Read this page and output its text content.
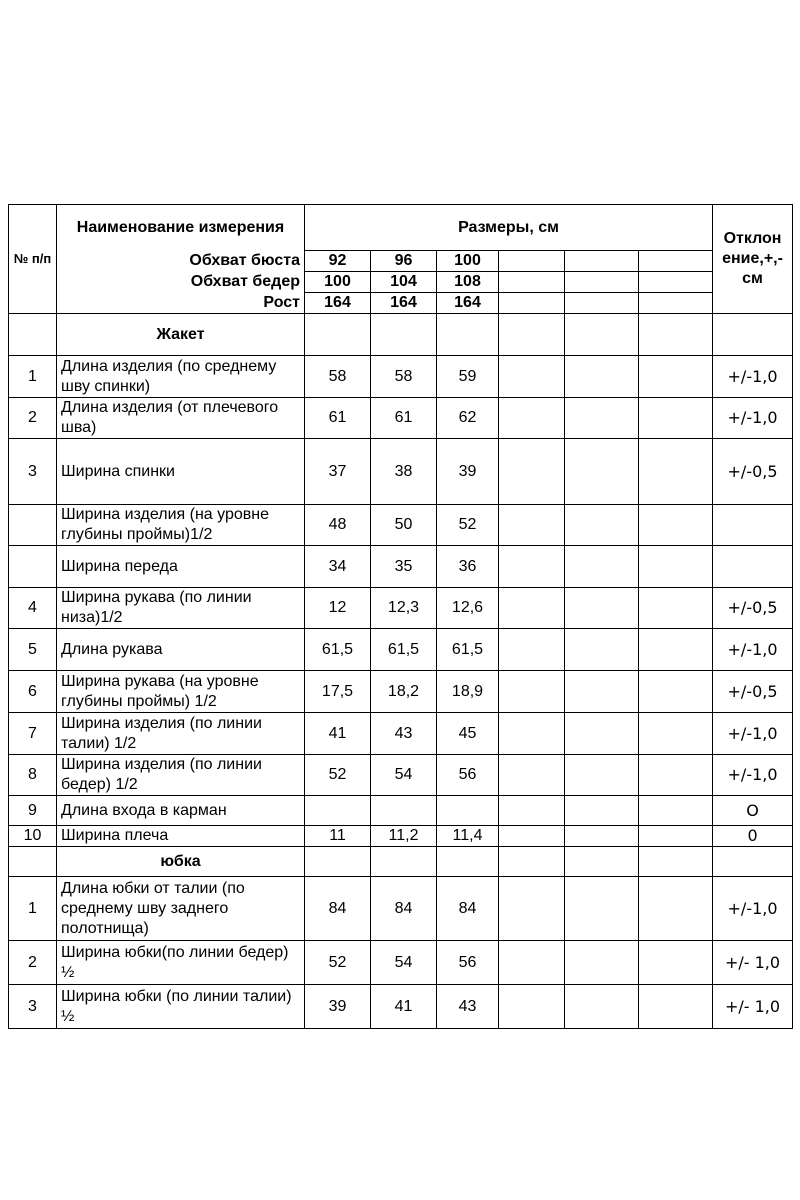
№ п/п	Наименование измерения	Размеры, см						Отклон ение,+,- см
	Обхват бюста	92	96	100				
	Обхват бедер	100	104	108				
	Рост	164	164	164				
	Жакет							
1	Длина изделия (по среднему шву спинки)	58	58	59				+/-1,0
2	Длина изделия (от плечевого шва)	61	61	62				+/-1,0
3	Ширина спинки	37	38	39				+/-0,5
	Ширина изделия (на уровне глубины проймы)1/2	48	50	52				
	Ширина переда	34	35	36				
4	Ширина рукава (по линии низа)1/2	12	12,3	12,6				+/-0,5
5	Длина рукава	61,5	61,5	61,5				+/-1,0
6	Ширина рукава (на уровне глубины проймы) 1/2	17,5	18,2	18,9				+/-0,5
7	Ширина изделия (по линии талии) 1/2	41	43	45				+/-1,0
8	Ширина изделия (по линии бедер) 1/2	52	54	56				+/-1,0
9	Длина входа в карман							О
10	Ширина плеча	11	11,2	11,4				0
	юбка							
1	Длина юбки от талии (по среднему шву заднего полотнища)	84	84	84				+/-1,0
2	Ширина юбки(по линии бедер) ½	52	54	56				+/- 1,0
3	Ширина юбки (по линии талии) ½	39	41	43				+/- 1,0
